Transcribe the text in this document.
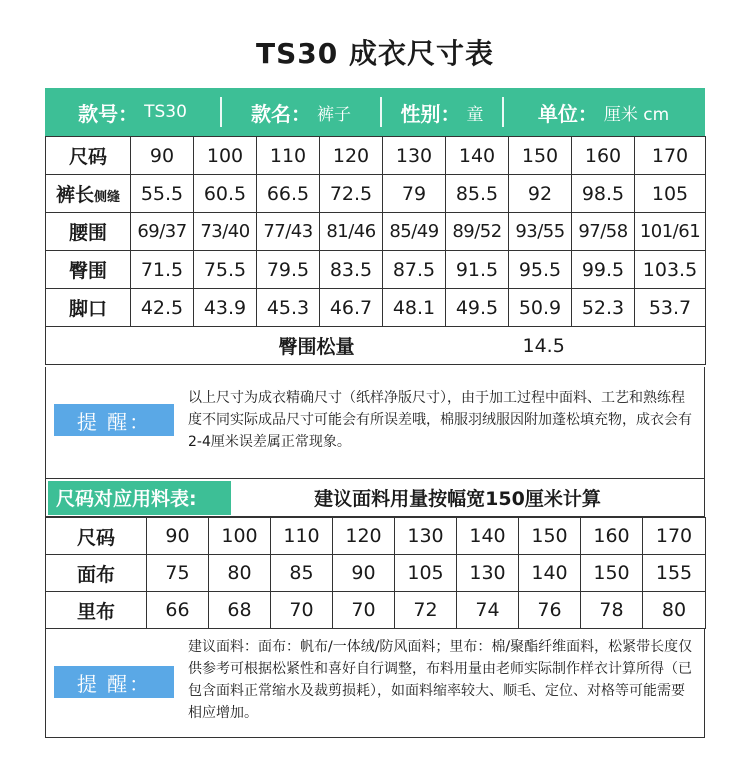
TS30 成衣尺寸表
款号： TS30	款名： 裤子 性别： 童	单位： 厘米 cm
尺码	90	100	110	120	130	140	150	160	170
裤长侧缝	55.5	60.5	66.5	72.5	79	85.5	92	98.5	105
腰围	69/37	73/40	77/43	81/46	85/49	89/52	93/55	97/58	101/61
臀围	71.5	75.5	79.5	83.5	87.5	91.5	95.5	99.5	103.5
脚口	42.5	43.9	45.3	46.7	48.1	49.5	50.9	52.3	53.7
臀围松量					14.5				
提 醒：
以上尺寸为成衣精确尺寸（纸样净版尺寸），由于加工过程中面料、工艺和熟练程度不同实际成品尺寸可能会有所误差哦，棉服羽绒服因附加蓬松填充物，成衣会有2-4厘米误差属正常现象。
尺码对应用料表:	建议面料用量按幅宽150厘米计算
尺码	90	100	110	120	130	140	150	160	170
面布	75	80	85	90	105	130	140	150	155
里布	66	68	70	70	72	74	76	78	80
提 醒：
建议面料：面布：帆布/一体绒/防风面料；里布：棉/聚酯纤维面料，松紧带长度仅供参考可根据松紧性和喜好自行调整，布料用量由老师实际制作样衣计算所得（已包含面料正常缩水及裁剪损耗），如面料缩率较大、顺毛、定位、对格等可能需要相应增加。
